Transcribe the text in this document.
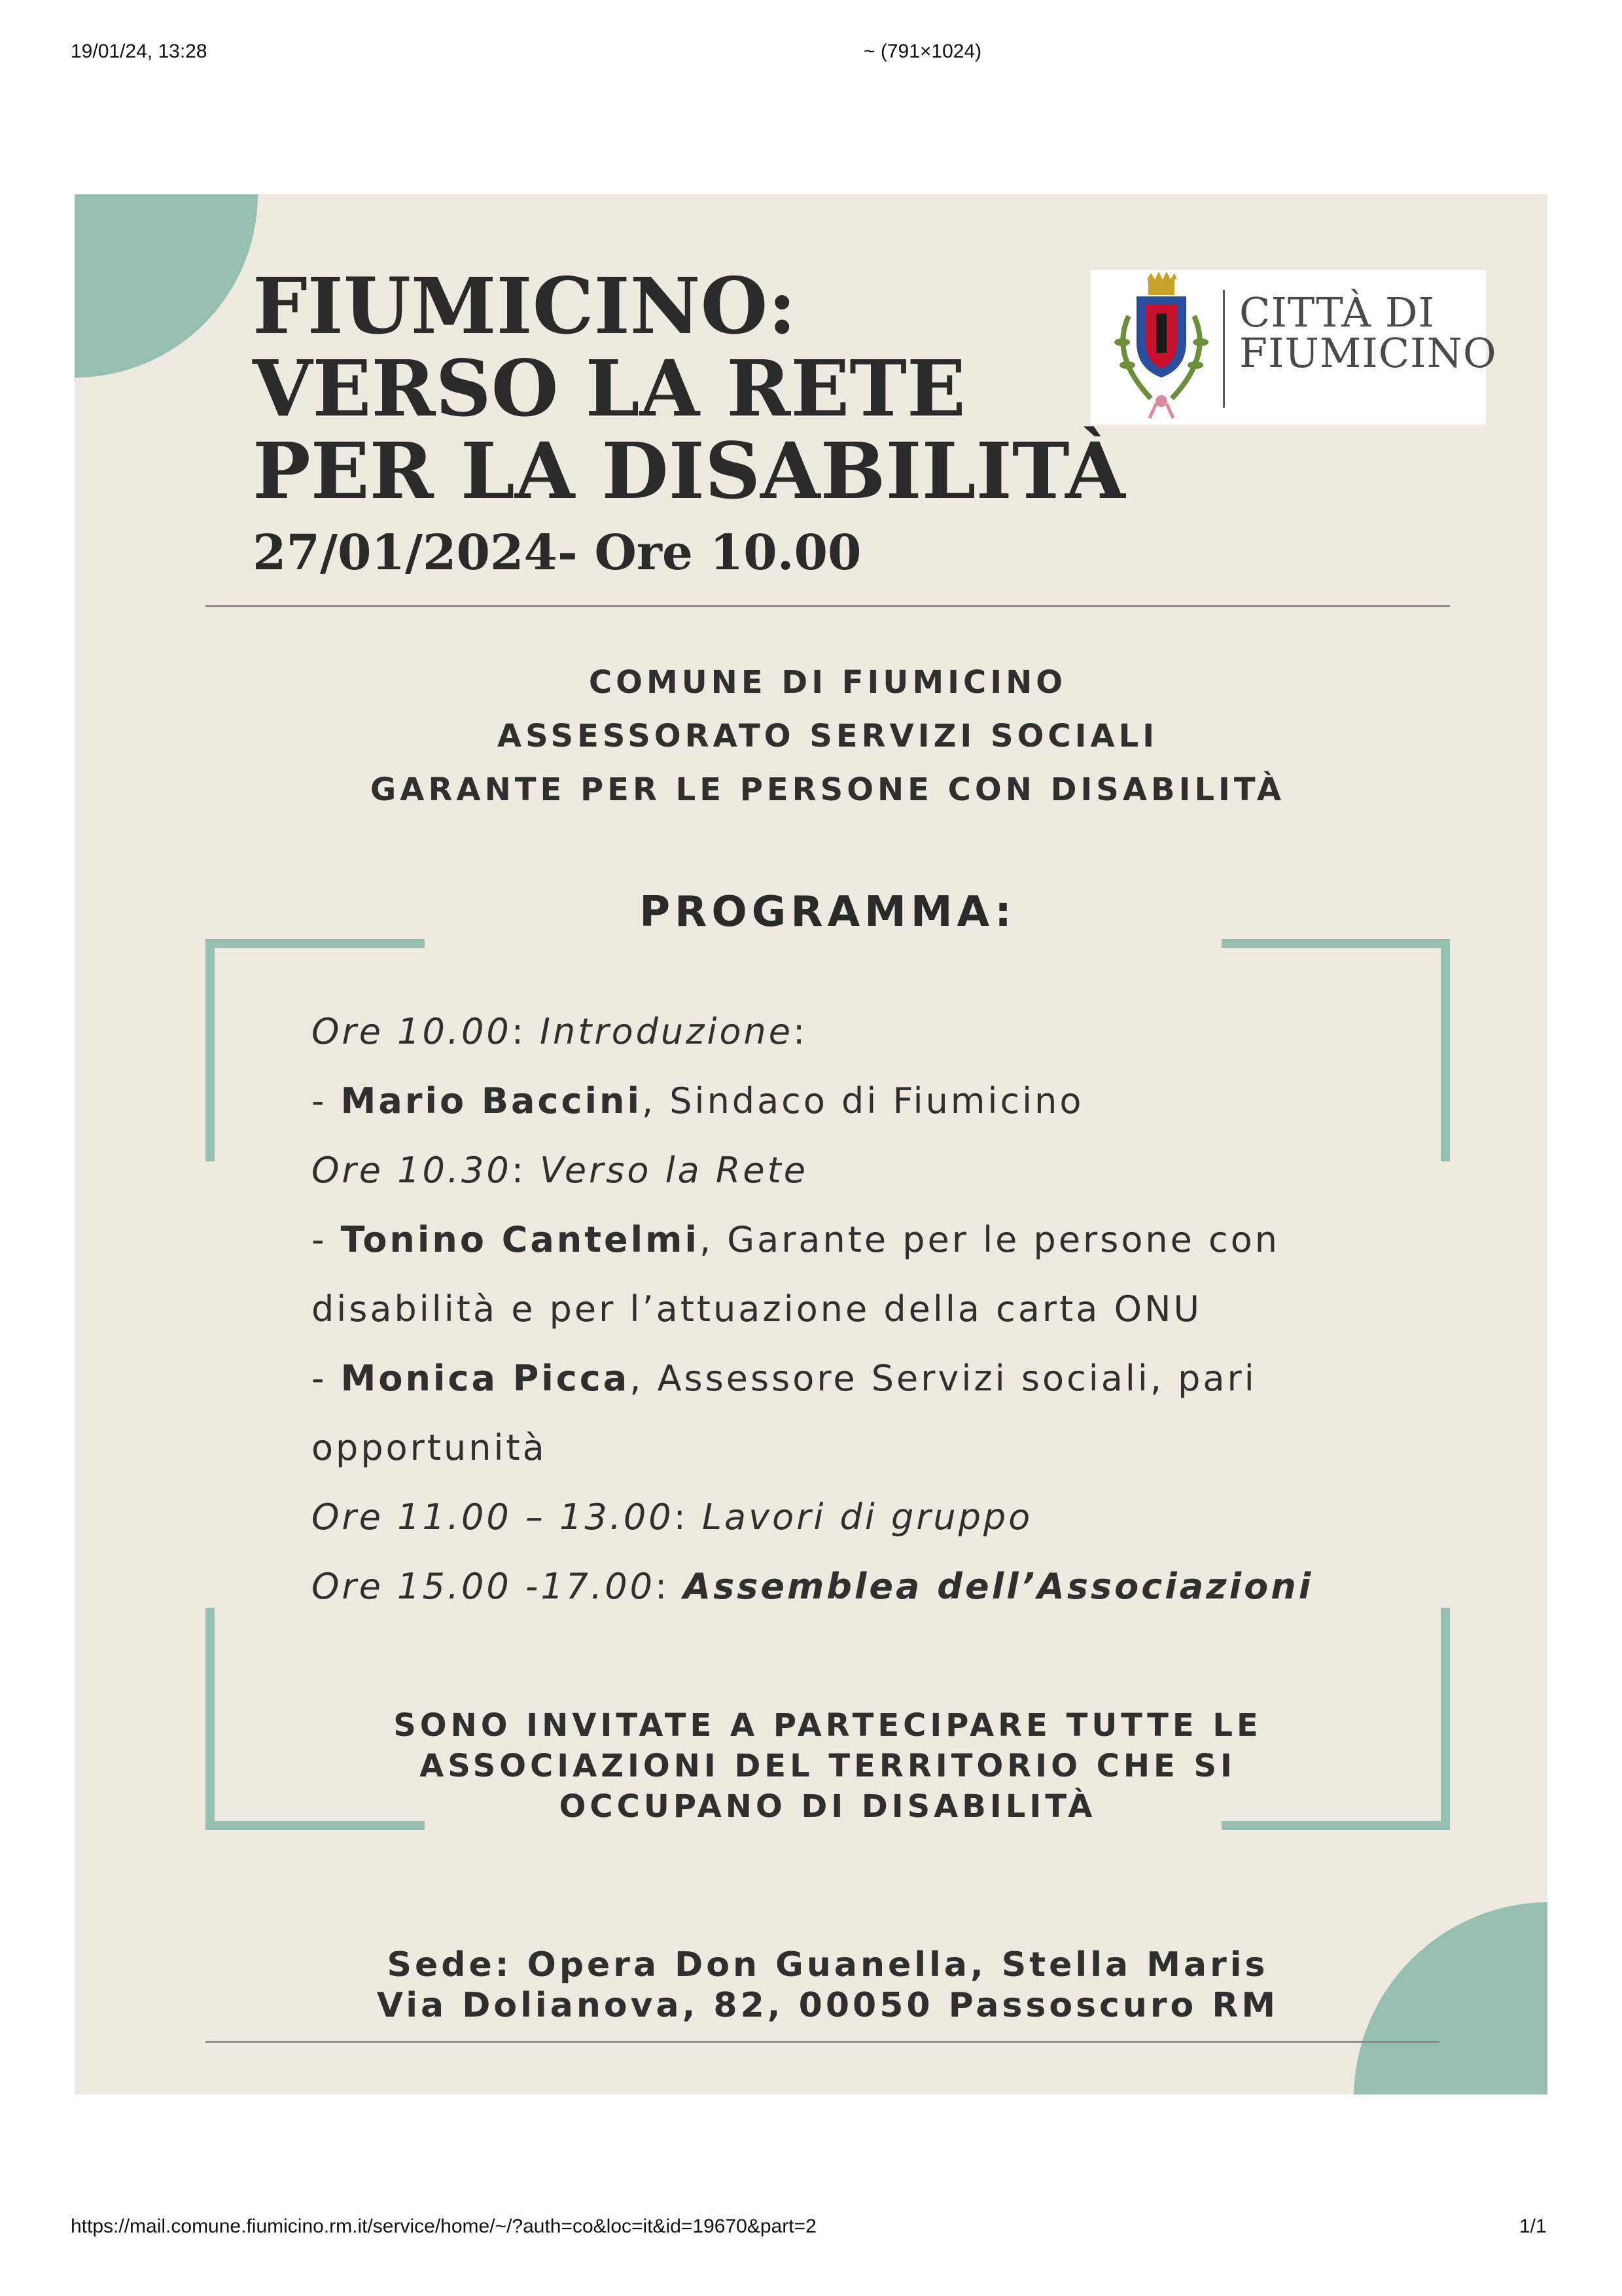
19/01/24, 13:28	~ (791×1024)
FIUMICINO:
VERSO LA RETE
PER LA DISABILITÀ
27/01/2024- Ore 10.00
CITTÀ DI
FIUMICINO
COMUNE DI FIUMICINO
ASSESSORATO SERVIZI SOCIALI
GARANTE PER LE PERSONE CON DISABILITÀ
PROGRAMMA:
Ore 10.00: Introduzione:
- Mario Baccini, Sindaco di Fiumicino
Ore 10.30: Verso la Rete
- Tonino Cantelmi, Garante per le persone con
disabilità e per l’attuazione della carta ONU
- Monica Picca, Assessore Servizi sociali, pari
opportunità
Ore 11.00 – 13.00: Lavori di gruppo
Ore 15.00 -17.00: Assemblea dell’Associazioni
SONO INVITATE A PARTECIPARE TUTTE LE
ASSOCIAZIONI DEL TERRITORIO CHE SI
OCCUPANO DI DISABILITÀ
Sede: Opera Don Guanella, Stella Maris
Via Dolianova, 82, 00050 Passoscuro RM
https://mail.comune.fiumicino.rm.it/service/home/~/?auth=co&loc=it&id=19670&part=2	1/1
